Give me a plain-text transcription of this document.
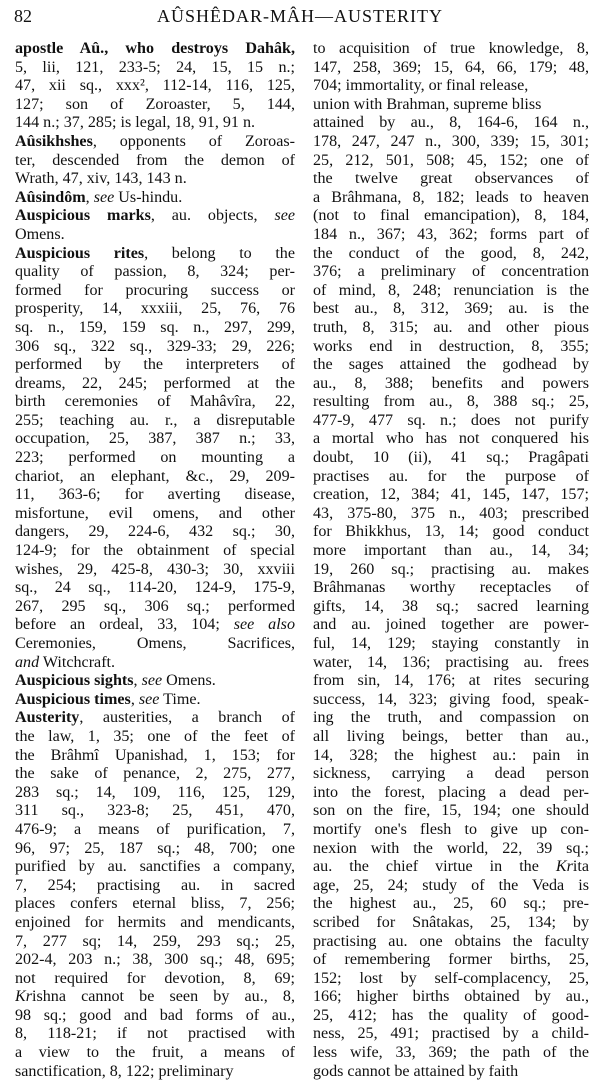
82	AÛSHÊDAR-MÂH—AUSTERITY
apostle Aû., who destroys Dahâk,
5, lii, 121, 233-5; 24, 15, 15 n.;
47, xii sq., xxx², 112-14, 116, 125,
127; son of Zoroaster, 5, 144,
144 n.; 37, 285; is legal, 18, 91, 91 n.
Aûsikhshes, opponents of Zoroas-
ter, descended from the demon of
Wrath, 47, xiv, 143, 143 n.
Aûsindôm, see Us-hindu.
Auspicious marks, au. objects, see
Omens.
Auspicious rites, belong to the
quality of passion, 8, 324; per-
formed for procuring success or
prosperity, 14, xxxiii, 25, 76, 76
sq. n., 159, 159 sq. n., 297, 299,
306 sq., 322 sq., 329-33; 29, 226;
performed by the interpreters of
dreams, 22, 245; performed at the
birth ceremonies of Mahâvîra, 22,
255; teaching au. r., a disreputable
occupation, 25, 387, 387 n.; 33,
223; performed on mounting a
chariot, an elephant, &c., 29, 209-
11, 363-6; for averting disease,
misfortune, evil omens, and other
dangers, 29, 224-6, 432 sq.; 30,
124-9; for the obtainment of special
wishes, 29, 425-8, 430-3; 30, xxviii
sq., 24 sq., 114-20, 124-9, 175-9,
267, 295 sq., 306 sq.; performed
before an ordeal, 33, 104; see also
Ceremonies, Omens, Sacrifices,
and Witchcraft.
Auspicious sights, see Omens.
Auspicious times, see Time.
Austerity, austerities, a branch of
the law, 1, 35; one of the feet of
the Brâhmî Upanishad, 1, 153; for
the sake of penance, 2, 275, 277,
283 sq.; 14, 109, 116, 125, 129,
311 sq., 323-8; 25, 451, 470,
476-9; a means of purification, 7,
96, 97; 25, 187 sq.; 48, 700; one
purified by au. sanctifies a company,
7, 254; practising au. in sacred
places confers eternal bliss, 7, 256;
enjoined for hermits and mendicants,
7, 277 sq; 14, 259, 293 sq.; 25,
202-4, 203 n.; 38, 300 sq.; 48, 695;
not required for devotion, 8, 69;
Krishna cannot be seen by au., 8,
98 sq.; good and bad forms of au.,
8, 118-21; if not practised with
a view to the fruit, a means of
sanctification, 8, 122; preliminary
to acquisition of true knowledge, 8,
147, 258, 369; 15, 64, 66, 179; 48,
704; immortality, or final release,
union with Brahman, supreme bliss
attained by au., 8, 164-6, 164 n.,
178, 247, 247 n., 300, 339; 15, 301;
25, 212, 501, 508; 45, 152; one of
the twelve great observances of
a Brâhmana, 8, 182; leads to heaven
(not to final emancipation), 8, 184,
184 n., 367; 43, 362; forms part of
the conduct of the good, 8, 242,
376; a preliminary of concentration
of mind, 8, 248; renunciation is the
best au., 8, 312, 369; au. is the
truth, 8, 315; au. and other pious
works end in destruction, 8, 355;
the sages attained the godhead by
au., 8, 388; benefits and powers
resulting from au., 8, 388 sq.; 25,
477-9, 477 sq. n.; does not purify
a mortal who has not conquered his
doubt, 10 (ii), 41 sq.; Pragâpati
practises au. for the purpose of
creation, 12, 384; 41, 145, 147, 157;
43, 375-80, 375 n., 403; prescribed
for Bhikkhus, 13, 14; good conduct
more important than au., 14, 34;
19, 260 sq.; practising au. makes
Brâhmanas worthy receptacles of
gifts, 14, 38 sq.; sacred learning
and au. joined together are power-
ful, 14, 129; staying constantly in
water, 14, 136; practising au. frees
from sin, 14, 176; at rites securing
success, 14, 323; giving food, speak-
ing the truth, and compassion on
all living beings, better than au.,
14, 328; the highest au.: pain in
sickness, carrying a dead person
into the forest, placing a dead per-
son on the fire, 15, 194; one should
mortify one's flesh to give up con-
nexion with the world, 22, 39 sq.;
au. the chief virtue in the Krita
age, 25, 24; study of the Veda is
the highest au., 25, 60 sq.; pre-
scribed for Snâtakas, 25, 134; by
practising au. one obtains the faculty
of remembering former births, 25,
152; lost by self-complacency, 25,
166; higher births obtained by au.,
25, 412; has the quality of good-
ness, 25, 491; practised by a child-
less wife, 33, 369; the path of the
gods cannot be attained by faith
